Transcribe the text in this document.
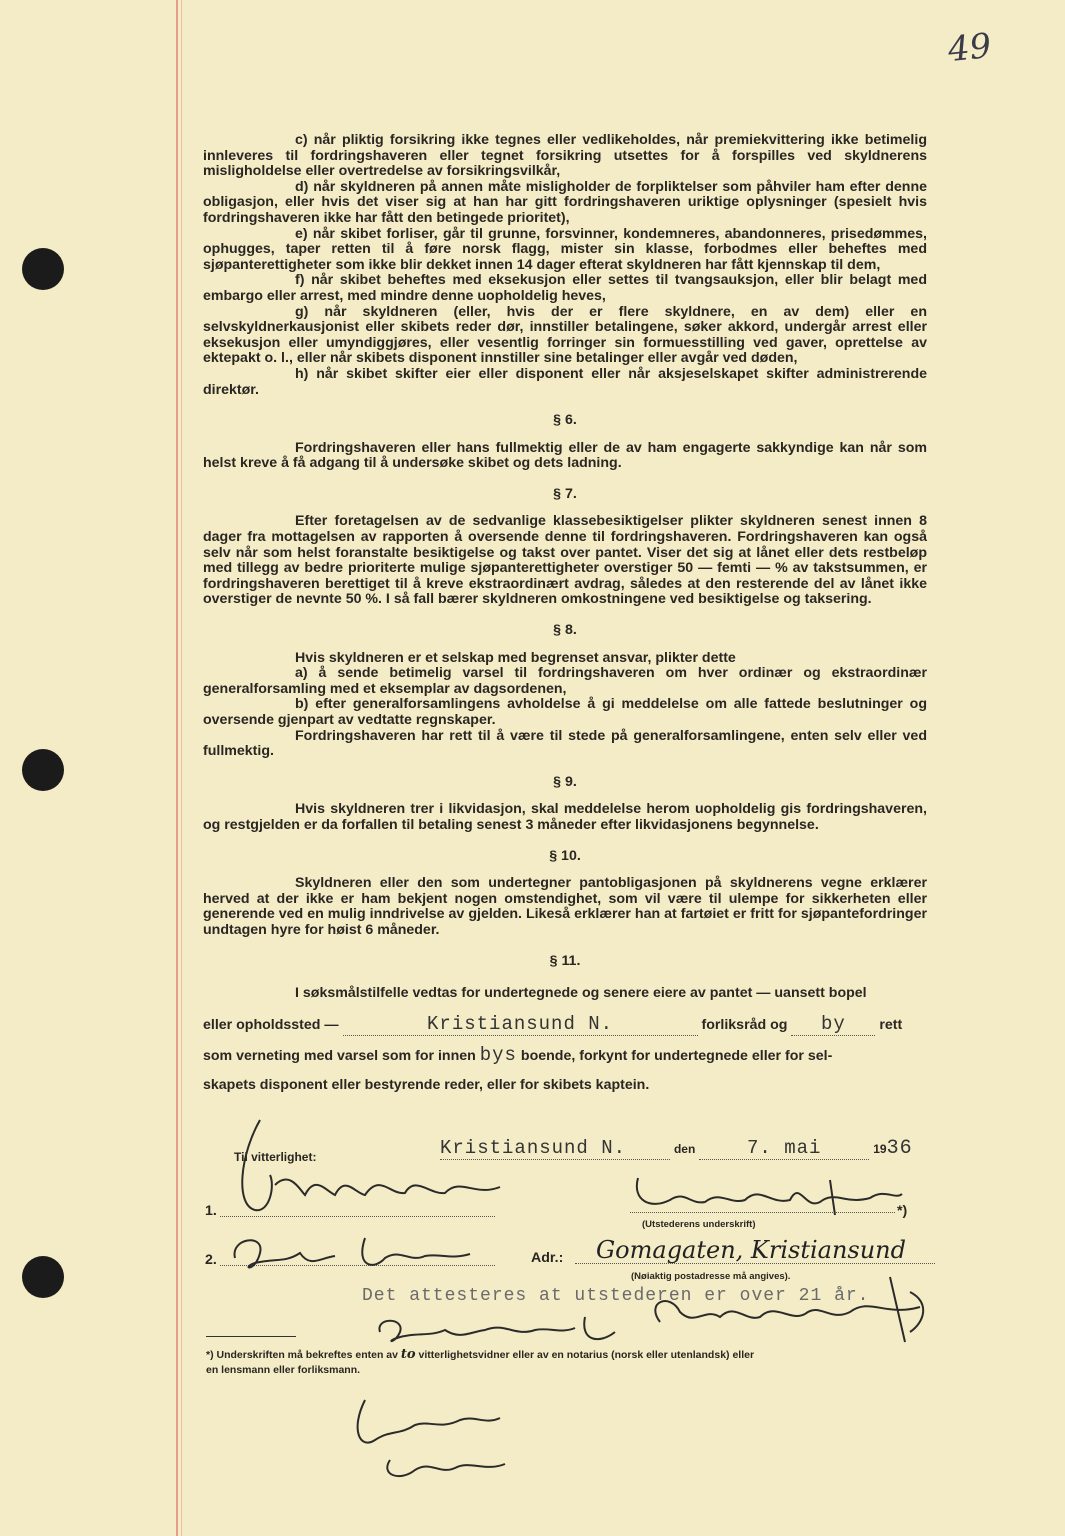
49

c) når pliktig forsikring ikke tegnes eller vedlikeholdes, når premiekvittering ikke betimelig innleveres til fordringshaveren eller tegnet forsikring utsettes for å forspilles ved skyldnerens misligholdelse eller overtredelse av forsikringsvilkår,

d) når skyldneren på annen måte misligholder de forpliktelser som påhviler ham efter denne obligasjon, eller hvis det viser sig at han har gitt fordringshaveren uriktige oplysninger (spesielt hvis fordringshaveren ikke har fått den betingede prioritet),

e) når skibet forliser, går til grunne, forsvinner, kondemneres, abandonneres, prisedømmes, ophugges, taper retten til å føre norsk flagg, mister sin klasse, forbodmes eller beheftes med sjøpanterettigheter som ikke blir dekket innen 14 dager efterat skyldneren har fått kjennskap til dem,

f) når skibet beheftes med eksekusjon eller settes til tvangsauksjon, eller blir belagt med embargo eller arrest, med mindre denne uopholdelig heves,

g) når skyldneren (eller, hvis der er flere skyldnere, en av dem) eller en selvskyldnerkausjonist eller skibets reder dør, innstiller betalingene, søker akkord, undergår arrest eller eksekusjon eller umyndiggjøres, eller vesentlig forringer sin formuesstilling ved gaver, oprettelse av ektepakt o. l., eller når skibets disponent innstiller sine betalinger eller avgår ved døden,

h) når skibet skifter eier eller disponent eller når aksjeselskapet skifter administrerende direktør.

§ 6.

Fordringshaveren eller hans fullmektig eller de av ham engagerte sakkyndige kan når som helst kreve å få adgang til å undersøke skibet og dets ladning.

§ 7.

Efter foretagelsen av de sedvanlige klassebesiktigelser plikter skyldneren senest innen 8 dager fra mottagelsen av rapporten å oversende denne til fordringshaveren. Fordringshaveren kan også selv når som helst foranstalte besiktigelse og takst over pantet. Viser det sig at lånet eller dets restbeløp med tillegg av bedre prioriterte mulige sjøpanterettigheter overstiger 50 — femti — % av takstsummen, er fordringshaveren berettiget til å kreve ekstraordinært avdrag, således at den resterende del av lånet ikke overstiger de nevnte 50 %. I så fall bærer skyldneren omkostningene ved besiktigelse og taksering.

§ 8.

Hvis skyldneren er et selskap med begrenset ansvar, plikter dette

a) å sende betimelig varsel til fordringshaveren om hver ordinær og ekstraordinær generalforsamling med et eksemplar av dagsordenen,

b) efter generalforsamlingens avholdelse å gi meddelelse om alle fattede beslutninger og oversende gjenpart av vedtatte regnskaper.

Fordringshaveren har rett til å være til stede på generalforsamlingene, enten selv eller ved fullmektig.

§ 9.

Hvis skyldneren trer i likvidasjon, skal meddelelse herom uopholdelig gis fordringshaveren, og restgjelden er da forfallen til betaling senest 3 måneder efter likvidasjonens begynnelse.

§ 10.

Skyldneren eller den som undertegner pantobligasjonen på skyldnerens vegne erklærer herved at der ikke er ham bekjent nogen omstendighet, som vil være til ulempe for sikkerheten eller generende ved en mulig inndrivelse av gjelden. Likeså erklærer han at fartøiet er fritt for sjøpantefordringer undtagen hyre for høist 6 måneder.

§ 11.

I søksmålstilfelle vedtas for undertegnede og senere eiere av pantet — uansett bopel
eller opholdssted —	Kristiansund N.	forliksråd og by rett
som verneting med varsel som for innen bys boende, forkynt for undertegnede eller for sel-
skapets disponent eller bestyrende reder, eller for skibets kaptein.
Til vitterlighet:	Kristiansund N.	den	7. mai	1936
1.	*)
(Utstederens underskrift)
2.	Adr.: Gomagaten, Kristiansund
(Nøiaktig postadresse må angives).
Det attesteres at utstederen er over 21 år.
*) Underskriften må bekreftes enten av to vitterlighetsvidner eller av en notarius (norsk eller utenlandsk) eller
en lensmann eller forliksmann.
